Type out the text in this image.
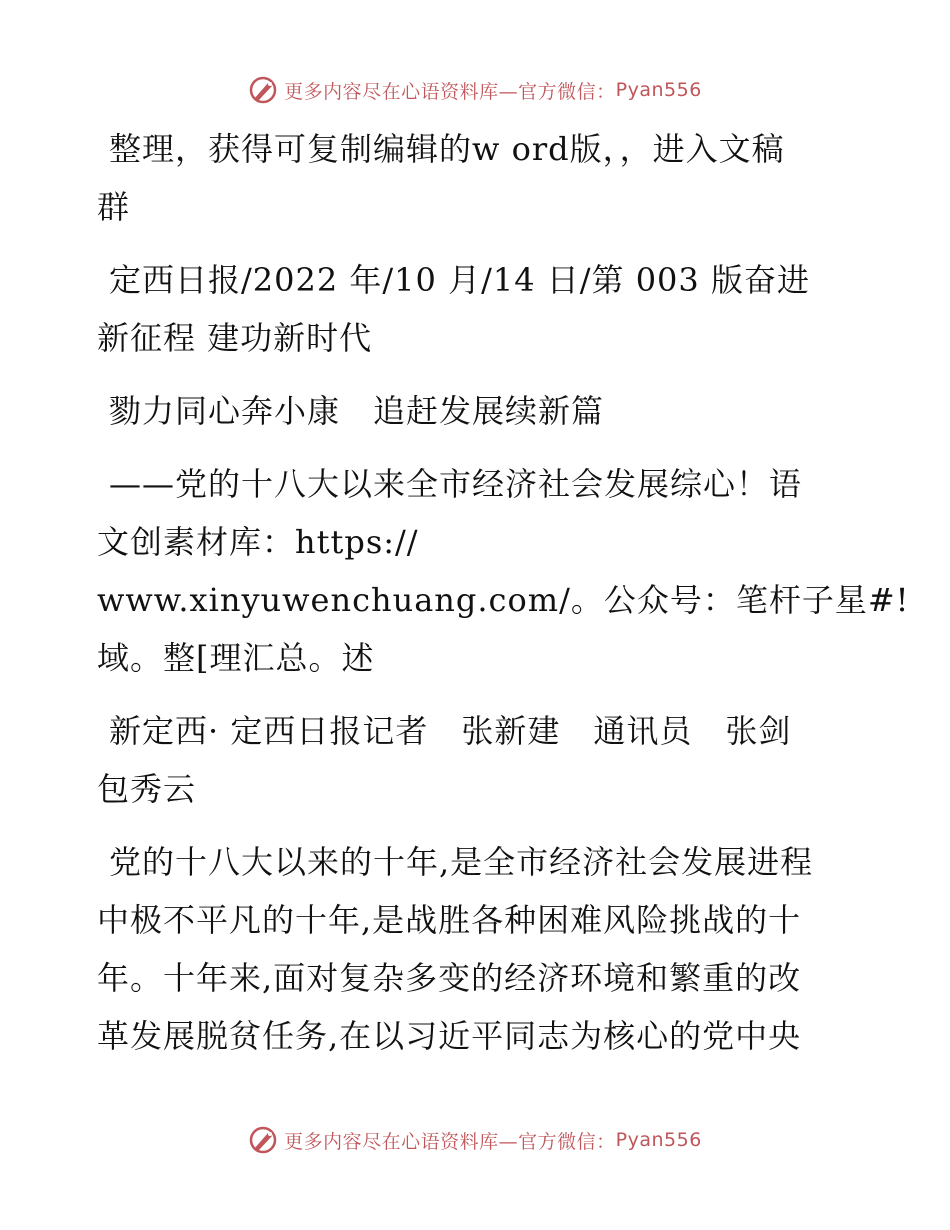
更多内容尽在心语资料库—官方微信： Pyan556

整理，获得可复制编辑的w ord版，，进入文稿
群

定西日报/2022 年/10 月/14 日/第 003 版奋进
新征程 建功新时代

勠力同心奔小康　追赶发展续新篇

——党的十八大以来全市经济社会发展综心！语
文创素材库：https://
www.xinyuwenchuang.com/。公众号：笔杆子星#!
域。整[理汇总。述

新定西· 定西日报记者　张新建　通讯员　张剑
包秀云

党的十八大以来的十年,是全市经济社会发展进程
中极不平凡的十年,是战胜各种困难风险挑战的十
年。十年来,面对复杂多变的经济环境和繁重的改
革发展脱贫任务,在以习近平同志为核心的党中央

更多内容尽在心语资料库—官方微信： Pyan556
